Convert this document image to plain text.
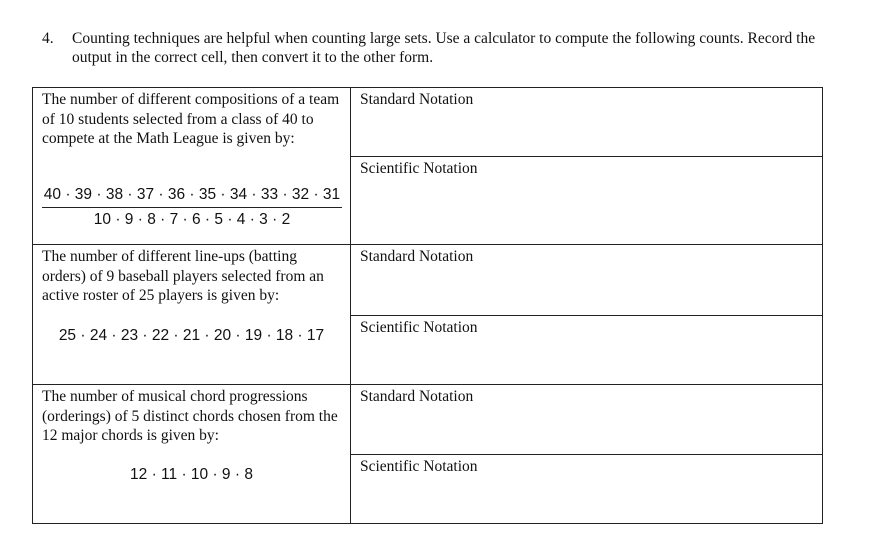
4. Counting techniques are helpful when counting large sets. Use a calculator to compute the following counts. Record the output in the correct cell, then convert it to the other form.
The number of different compositions of a team of 10 students selected from a class of 40 to compete at the Math League is given by:
$\frac{40 \cdot 39 \cdot 38 \cdot 37 \cdot 36 \cdot 35 \cdot 34 \cdot 33 \cdot 32 \cdot 31}{10 \cdot 9 \cdot 8 \cdot 7 \cdot 6 \cdot 5 \cdot 4 \cdot 3 \cdot 2}$	Standard Notation

	Scientific Notation

The number of different line-ups (batting orders) of 9 baseball players selected from an active roster of 25 players is given by:
25 · 24 · 23 · 22 · 21 · 20 · 19 · 18 · 17	Standard Notation

	Scientific Notation

The number of musical chord progressions (orderings) of 5 distinct chords chosen from the 12 major chords is given by:
12 · 11 · 10 · 9 · 8	Standard Notation

	Scientific Notation
